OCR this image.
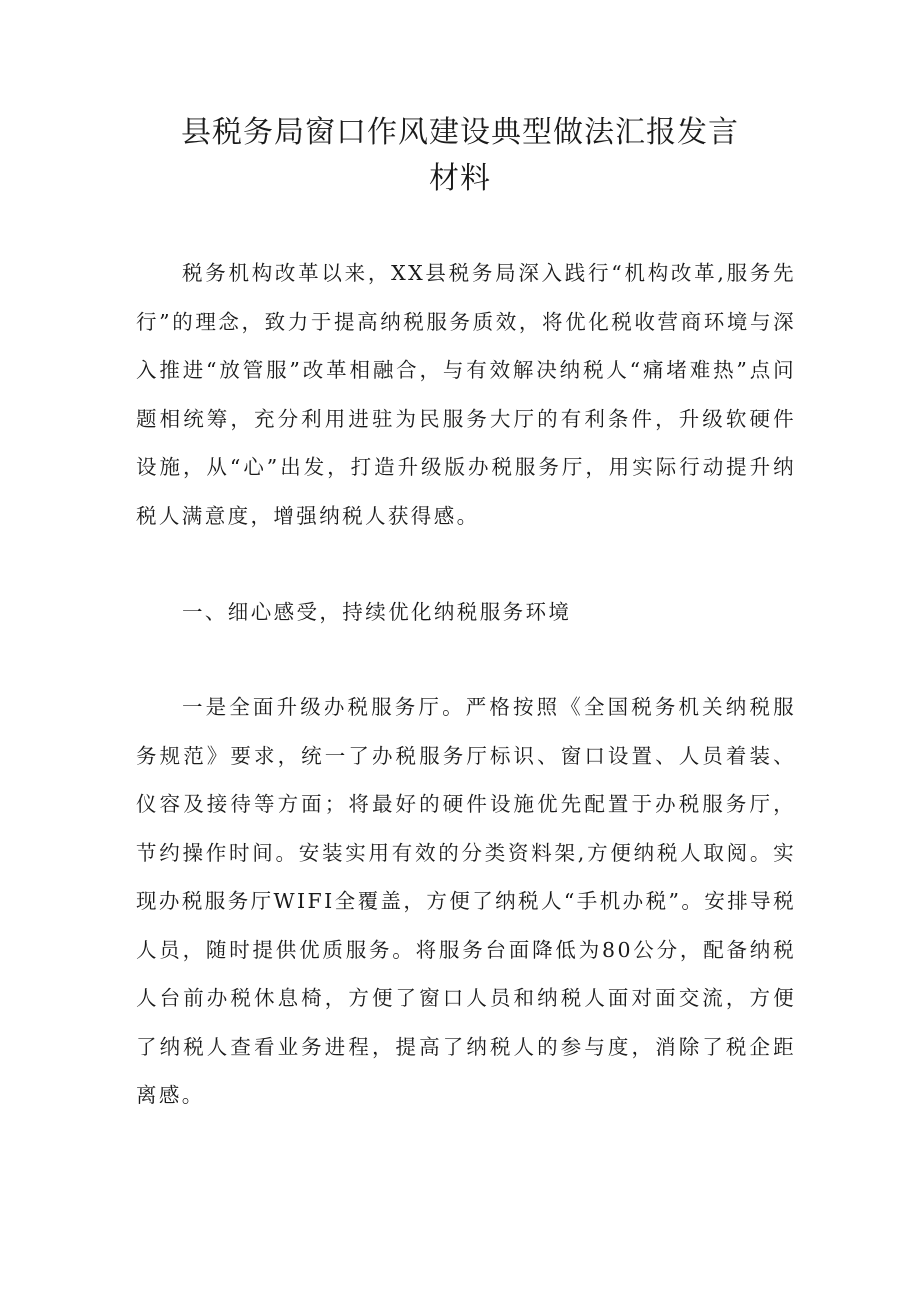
县税务局窗口作风建设典型做法汇报发言
材料

税务机构改革以来，XX县税务局深入践行“机构改革,服务先行”的理念，致力于提高纳税服务质效，将优化税收营商环境与深入推进“放管服”改革相融合，与有效解决纳税人“痛堵难热”点问题相统筹，充分利用进驻为民服务大厅的有利条件，升级软硬件设施，从“心”出发，打造升级版办税服务厅，用实际行动提升纳税人满意度，增强纳税人获得感。

一、细心感受，持续优化纳税服务环境

一是全面升级办税服务厅。严格按照《全国税务机关纳税服务规范》要求，统一了办税服务厅标识、窗口设置、人员着装、仪容及接待等方面；将最好的硬件设施优先配置于办税服务厅，节约操作时间。安装实用有效的分类资料架,方便纳税人取阅。实现办税服务厅WIFI全覆盖，方便了纳税人“手机办税”。安排导税人员，随时提供优质服务。将服务台面降低为80公分，配备纳税人台前办税休息椅，方便了窗口人员和纳税人面对面交流，方便了纳税人查看业务进程，提高了纳税人的参与度，消除了税企距离感。
